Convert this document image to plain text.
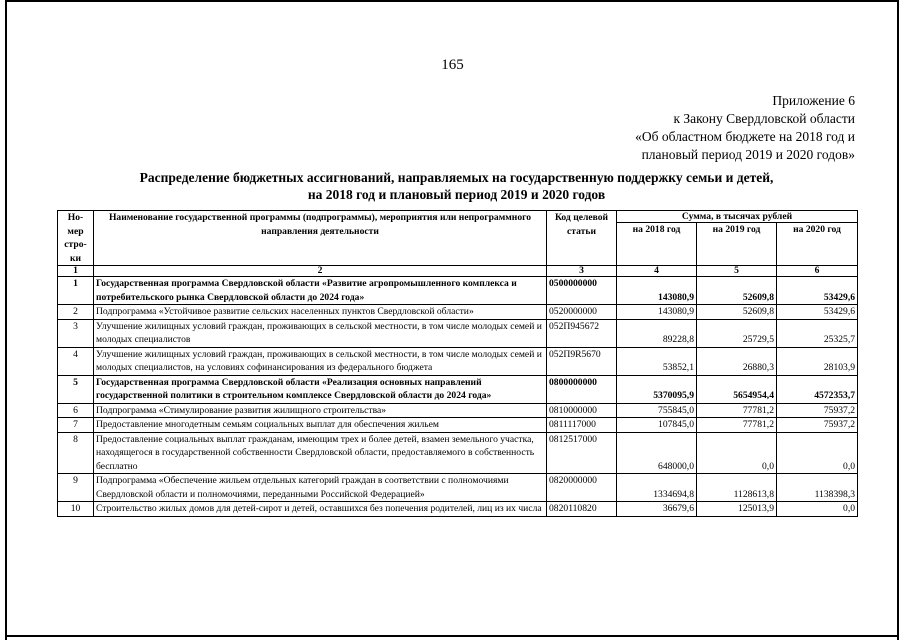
165
Приложение 6
к Закону Свердловской области
«Об областном бюджете на 2018 год и
плановый период 2019 и 2020 годов»
Распределение бюджетных ассигнований, направляемых на государственную поддержку семьи и детей,
на 2018 год и плановый период 2019 и 2020 годов
Но-мер стро-ки	Наименование государственной программы (подпрограммы), мероприятия или непрограммного направления деятельности	Код целевой статьи	Сумма, в тысячах рублей		
			на 2018 год	на 2019 год	на 2020 год
1	2	3	4	5	6
1	Государственная программа Свердловской области «Развитие агропромышленного комплекса и потребительского рынка Свердловской области до 2024 года»	0500000000	143080,9	52609,8	53429,6
2	Подпрограмма «Устойчивое развитие сельских населенных пунктов Свердловской области»	0520000000	143080,9	52609,8	53429,6
3	Улучшение жилищных условий граждан, проживающих в сельской местности, в том числе молодых семей и молодых специалистов	052П945672	89228,8	25729,5	25325,7
4	Улучшение жилищных условий граждан, проживающих в сельской местности, в том числе молодых семей и молодых специалистов, на условиях софинансирования из федерального бюджета	052П9R5670	53852,1	26880,3	28103,9
5	Государственная программа Свердловской области «Реализация основных направлений государственной политики в строительном комплексе Свердловской области до 2024 года»	0800000000	5370095,9	5654954,4	4572353,7
6	Подпрограмма «Стимулирование развития жилищного строительства»	0810000000	755845,0	77781,2	75937,2
7	Предоставление многодетным семьям социальных выплат для обеспечения жильем	0811117000	107845,0	77781,2	75937,2
8	Предоставление социальных выплат гражданам, имеющим трех и более детей, взамен земельного участка, находящегося в государственной собственности Свердловской области, предоставляемого в собственность бесплатно	0812517000	648000,0	0,0	0,0
9	Подпрограмма «Обеспечение жильем отдельных категорий граждан в соответствии с полномочиями Свердловской области и полномочиями, переданными Российской Федерацией»	0820000000	1334694,8	1128613,8	1138398,3
10	Строительство жилых домов для детей-сирот и детей, оставшихся без попечения родителей, лиц из их числа	0820110820	36679,6	125013,9	0,0
